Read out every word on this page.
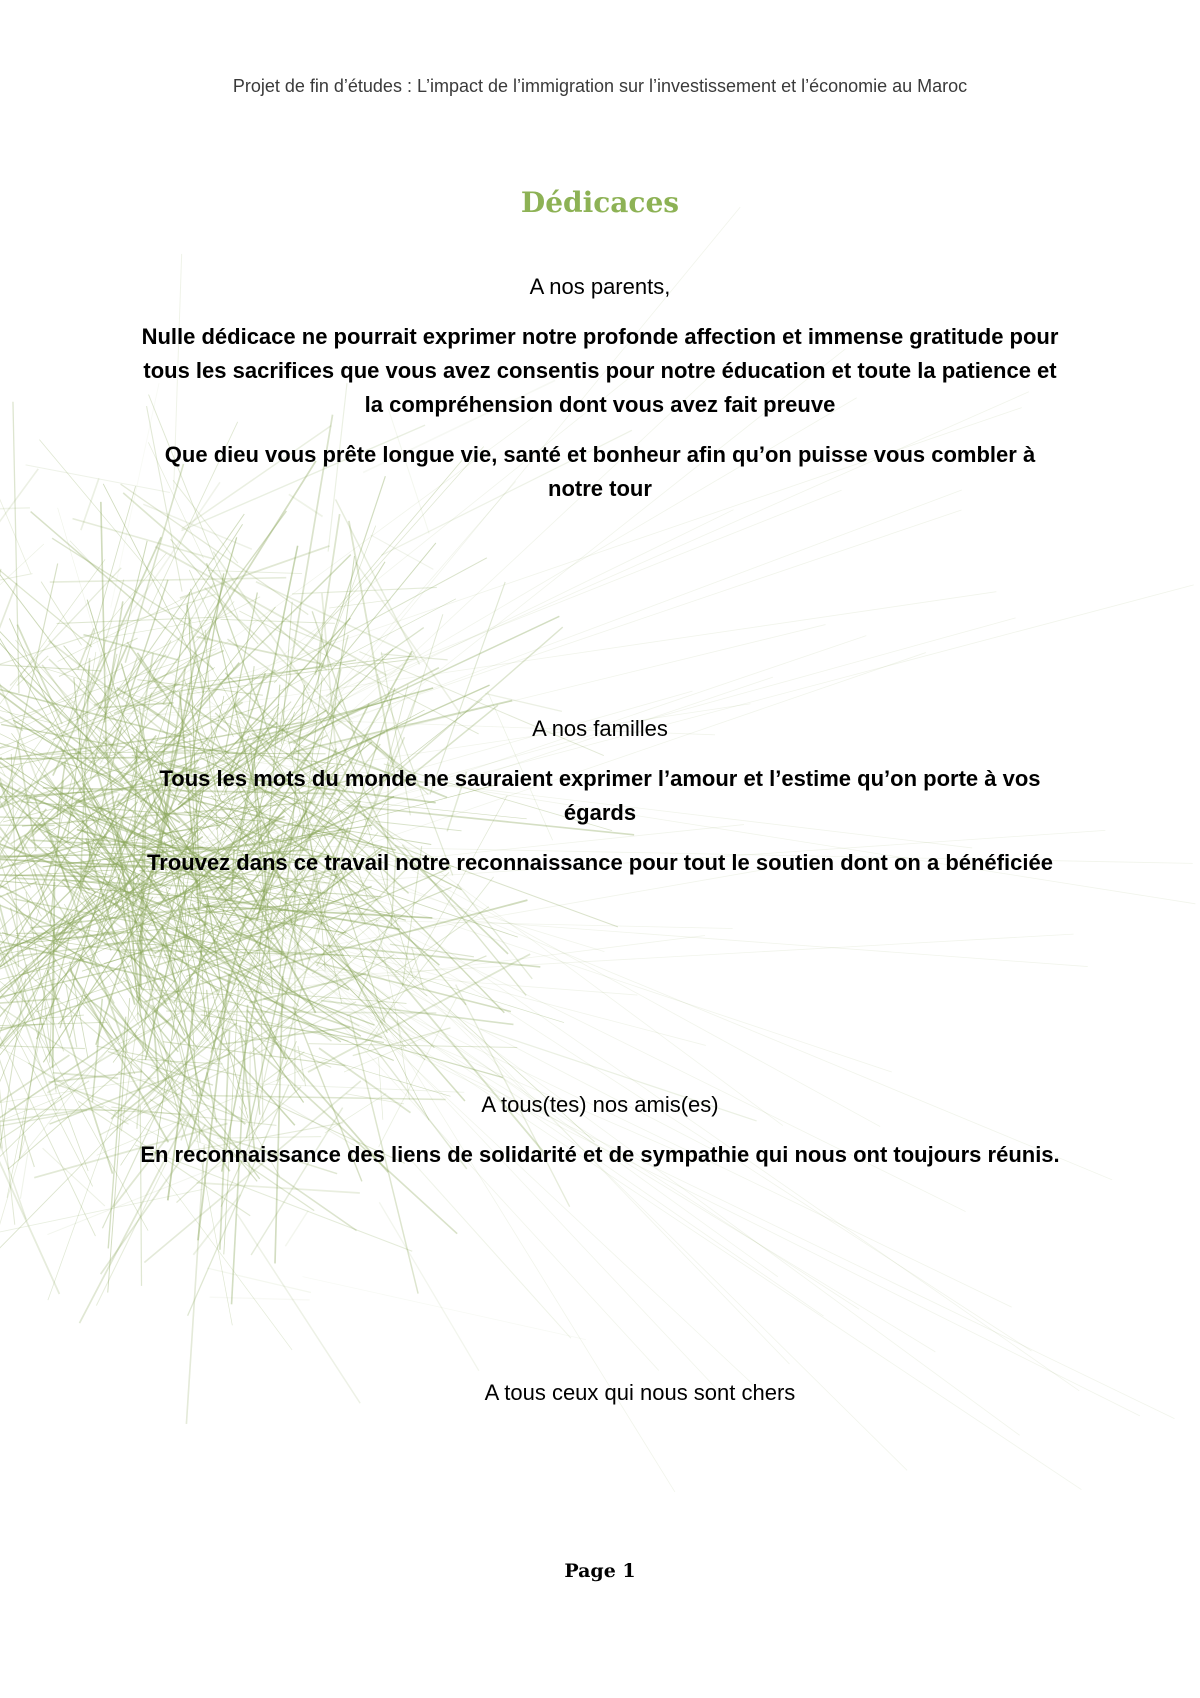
Projet de fin d’études : L’impact de l’immigration sur l’investissement et l’économie au Maroc
Dédicaces

A nos parents,

Nulle dédicace ne pourrait exprimer notre profonde affection et immense gratitude pour tous les sacrifices que vous avez consentis pour notre éducation et toute la patience et la compréhension dont vous avez fait preuve

Que dieu vous prête longue vie, santé et bonheur afin qu’on puisse vous combler à notre tour

A nos familles

Tous les mots du monde ne sauraient exprimer l’amour et l’estime qu’on porte à vos égards

Trouvez dans ce travail notre reconnaissance pour tout le soutien dont on a bénéficiée

A tous(tes) nos amis(es)

En reconnaissance des liens de solidarité et de sympathie qui nous ont toujours réunis.

A tous ceux qui nous sont chers

Page 1
